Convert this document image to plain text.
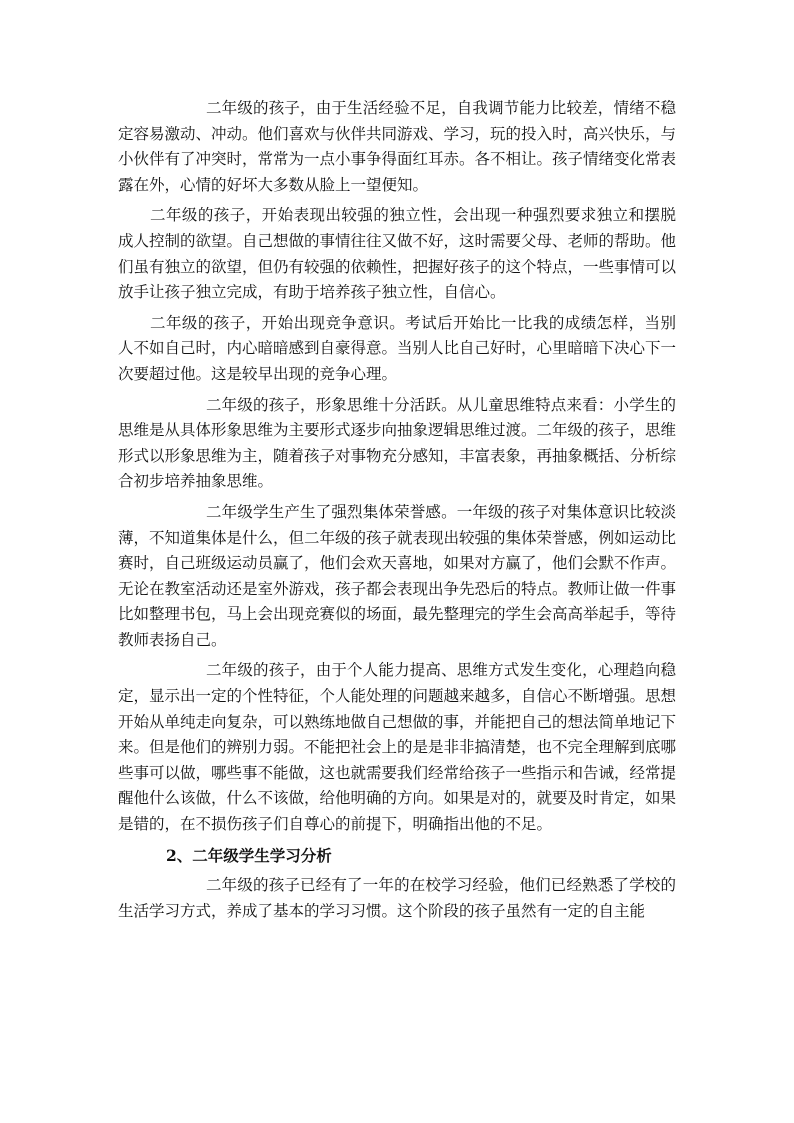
二年级的孩子，由于生活经验不足，自我调节能力比较差，情绪不稳定容易激动、冲动。他们喜欢与伙伴共同游戏、学习，玩的投入时，高兴快乐，与小伙伴有了冲突时，常常为一点小事争得面红耳赤。各不相让。孩子情绪变化常表露在外，心情的好坏大多数从脸上一望便知。

二年级的孩子，开始表现出较强的独立性，会出现一种强烈要求独立和摆脱成人控制的欲望。自己想做的事情往往又做不好，这时需要父母、老师的帮助。他们虽有独立的欲望，但仍有较强的依赖性，把握好孩子的这个特点，一些事情可以放手让孩子独立完成，有助于培养孩子独立性，自信心。

二年级的孩子，开始出现竞争意识。考试后开始比一比我的成绩怎样，当别人不如自己时，内心暗暗感到自豪得意。当别人比自己好时，心里暗暗下决心下一次要超过他。这是较早出现的竞争心理。

二年级的孩子，形象思维十分活跃。从儿童思维特点来看：小学生的思维是从具体形象思维为主要形式逐步向抽象逻辑思维过渡。二年级的孩子，思维形式以形象思维为主，随着孩子对事物充分感知，丰富表象，再抽象概括、分析综合初步培养抽象思维。

二年级学生产生了强烈集体荣誉感。一年级的孩子对集体意识比较淡薄，不知道集体是什么，但二年级的孩子就表现出较强的集体荣誉感，例如运动比赛时，自己班级运动员赢了，他们会欢天喜地，如果对方赢了，他们会默不作声。无论在教室活动还是室外游戏，孩子都会表现出争先恐后的特点。教师让做一件事比如整理书包，马上会出现竞赛似的场面，最先整理完的学生会高高举起手，等待教师表扬自己。

二年级的孩子，由于个人能力提高、思维方式发生变化，心理趋向稳定，显示出一定的个性特征，个人能处理的问题越来越多，自信心不断增强。思想开始从单纯走向复杂，可以熟练地做自己想做的事，并能把自己的想法简单地记下来。但是他们的辨别力弱。不能把社会上的是是非非搞清楚，也不完全理解到底哪些事可以做，哪些事不能做，这也就需要我们经常给孩子一些指示和告诫，经常提醒他什么该做，什么不该做，给他明确的方向。如果是对的，就要及时肯定，如果是错的，在不损伤孩子们自尊心的前提下，明确指出他的不足。

2、二年级学生学习分析

二年级的孩子已经有了一年的在校学习经验，他们已经熟悉了学校的生活学习方式，养成了基本的学习习惯。这个阶段的孩子虽然有一定的自主能
